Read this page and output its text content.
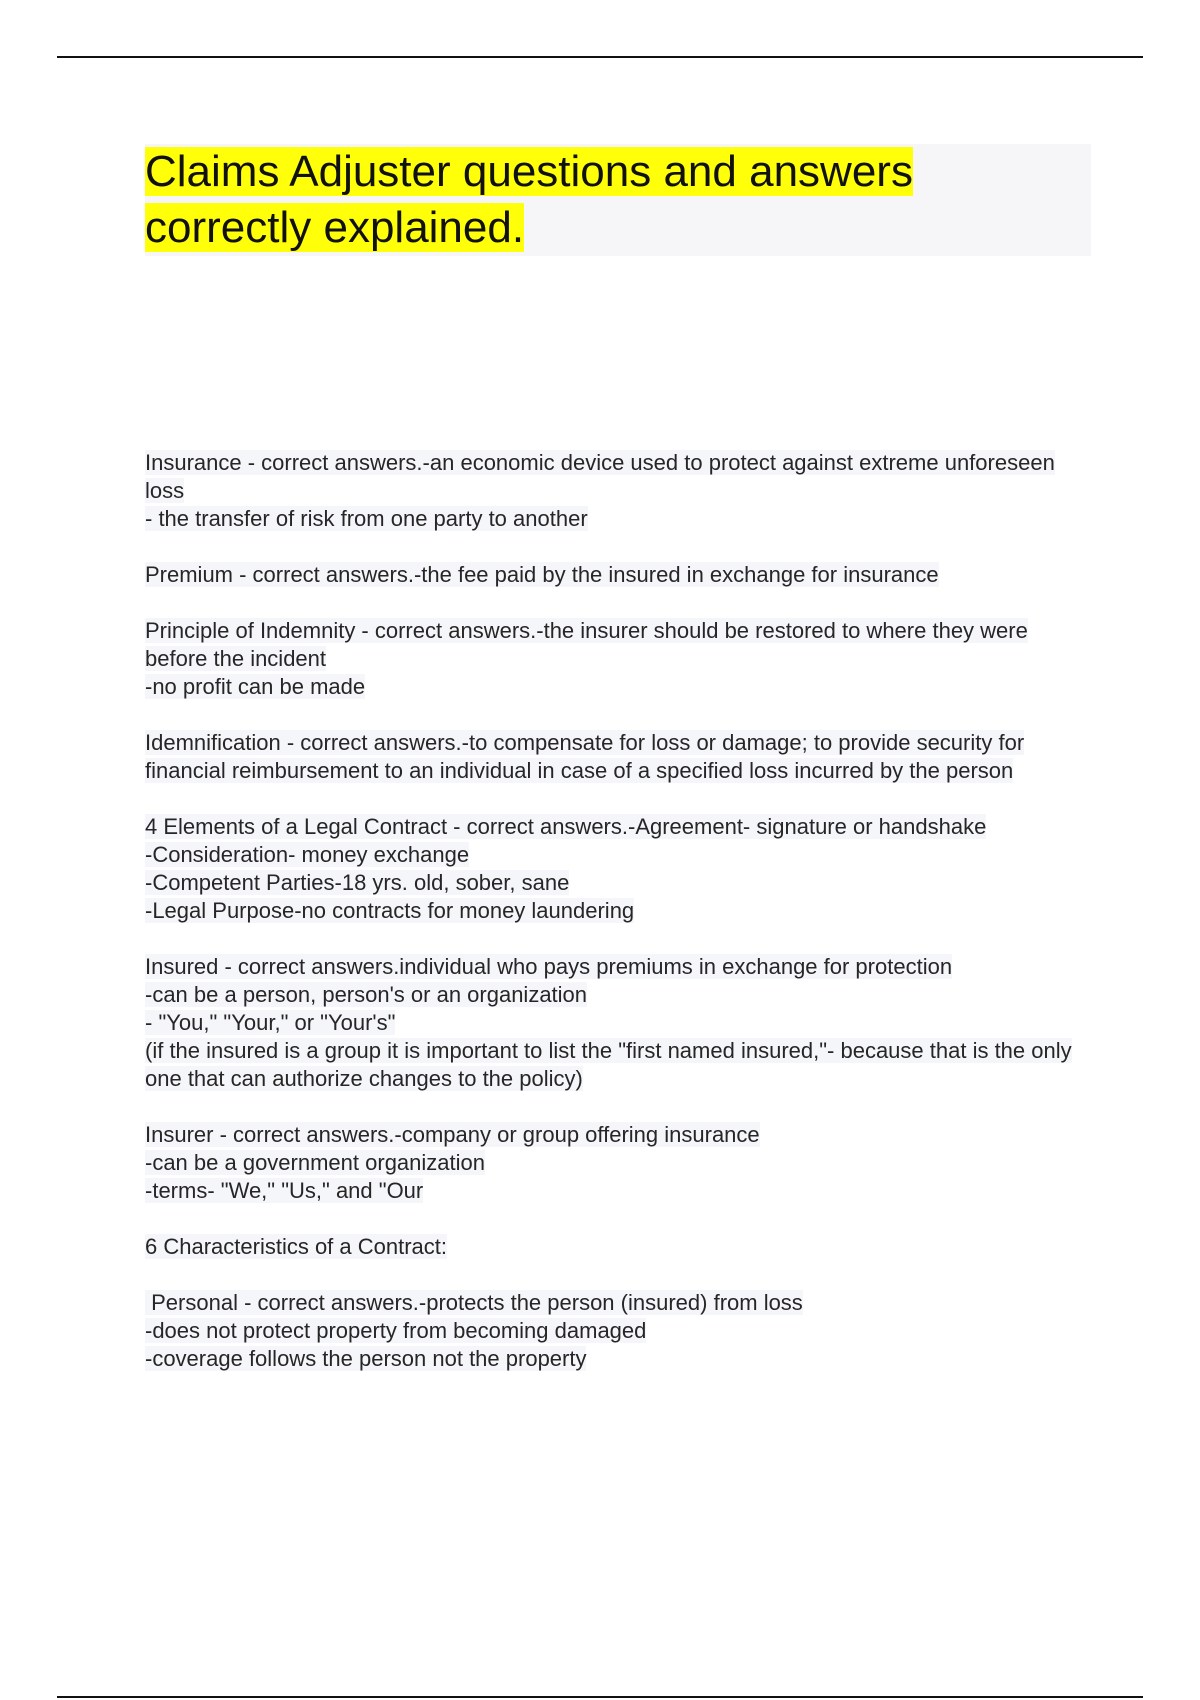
Claims Adjuster questions and answers correctly explained.
Insurance - correct answers.-an economic device used to protect against extreme unforeseen loss
- the transfer of risk from one party to another
Premium - correct answers.-the fee paid by the insured in exchange for insurance
Principle of Indemnity - correct answers.-the insurer should be restored to where they were before the incident
-no profit can be made
Idemnification - correct answers.-to compensate for loss or damage; to provide security for financial reimbursement to an individual in case of a specified loss incurred by the person
4 Elements of a Legal Contract - correct answers.-Agreement- signature or handshake
-Consideration- money exchange
-Competent Parties-18 yrs. old, sober, sane
-Legal Purpose-no contracts for money laundering
Insured - correct answers.individual who pays premiums in exchange for protection
-can be a person, person's or an organization
- "You," "Your," or "Your's"
(if the insured is a group it is important to list the "first named insured,"- because that is the only one that can authorize changes to the policy)
Insurer - correct answers.-company or group offering insurance
-can be a government organization
-terms- "We," "Us," and "Our
6 Characteristics of a Contract:
Personal - correct answers.-protects the person (insured) from loss
-does not protect property from becoming damaged
-coverage follows the person not the property
